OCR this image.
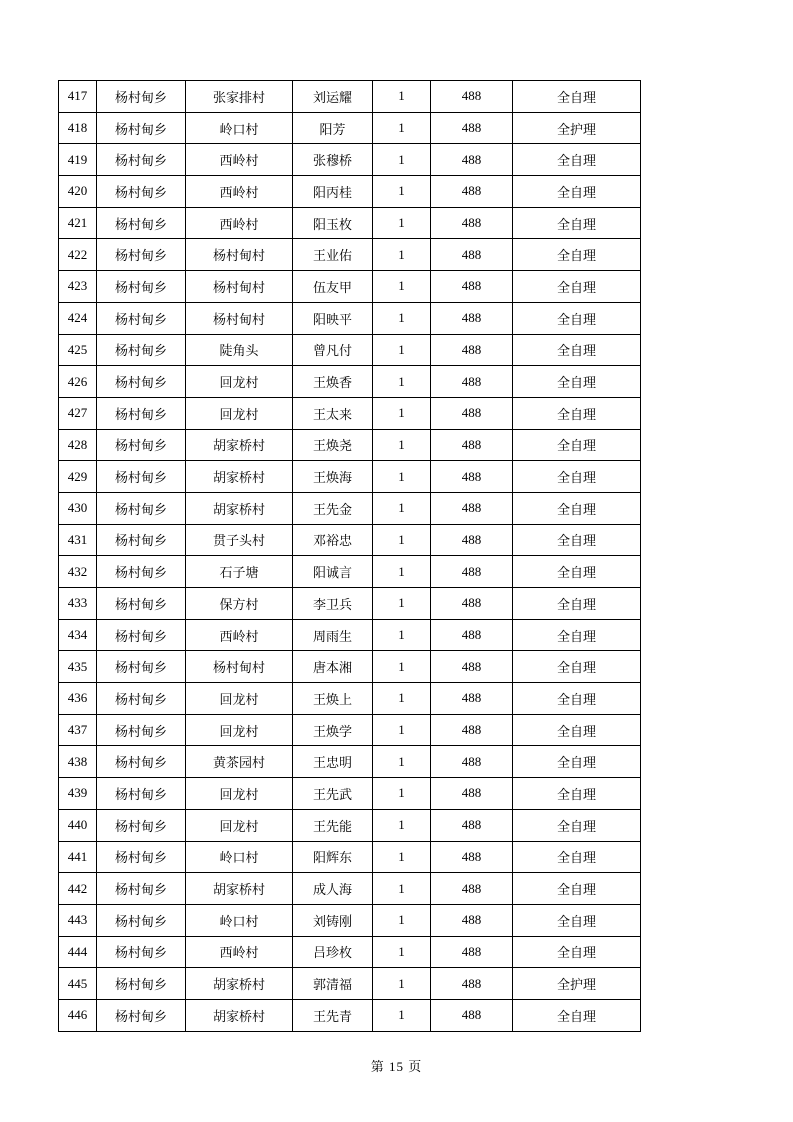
417	杨村甸乡	张家排村	刘运耀	1	488	全自理
418	杨村甸乡	岭口村	阳芳	1	488	全护理
419	杨村甸乡	西岭村	张穆桥	1	488	全自理
420	杨村甸乡	西岭村	阳丙桂	1	488	全自理
421	杨村甸乡	西岭村	阳玉枚	1	488	全自理
422	杨村甸乡	杨村甸村	王业佑	1	488	全自理
423	杨村甸乡	杨村甸村	伍友甲	1	488	全自理
424	杨村甸乡	杨村甸村	阳映平	1	488	全自理
425	杨村甸乡	陡角头	曾凡付	1	488	全自理
426	杨村甸乡	回龙村	王焕香	1	488	全自理
427	杨村甸乡	回龙村	王太来	1	488	全自理
428	杨村甸乡	胡家桥村	王焕尧	1	488	全自理
429	杨村甸乡	胡家桥村	王焕海	1	488	全自理
430	杨村甸乡	胡家桥村	王先金	1	488	全自理
431	杨村甸乡	贯子头村	邓裕忠	1	488	全自理
432	杨村甸乡	石子塘	阳诚言	1	488	全自理
433	杨村甸乡	保方村	李卫兵	1	488	全自理
434	杨村甸乡	西岭村	周雨生	1	488	全自理
435	杨村甸乡	杨村甸村	唐本湘	1	488	全自理
436	杨村甸乡	回龙村	王焕上	1	488	全自理
437	杨村甸乡	回龙村	王焕学	1	488	全自理
438	杨村甸乡	黄茶园村	王忠明	1	488	全自理
439	杨村甸乡	回龙村	王先武	1	488	全自理
440	杨村甸乡	回龙村	王先能	1	488	全自理
441	杨村甸乡	岭口村	阳辉东	1	488	全自理
442	杨村甸乡	胡家桥村	成人海	1	488	全自理
443	杨村甸乡	岭口村	刘铸刚	1	488	全自理
444	杨村甸乡	西岭村	吕珍枚	1	488	全自理
445	杨村甸乡	胡家桥村	郭清福	1	488	全护理
446	杨村甸乡	胡家桥村	王先青	1	488	全自理
第 15 页
